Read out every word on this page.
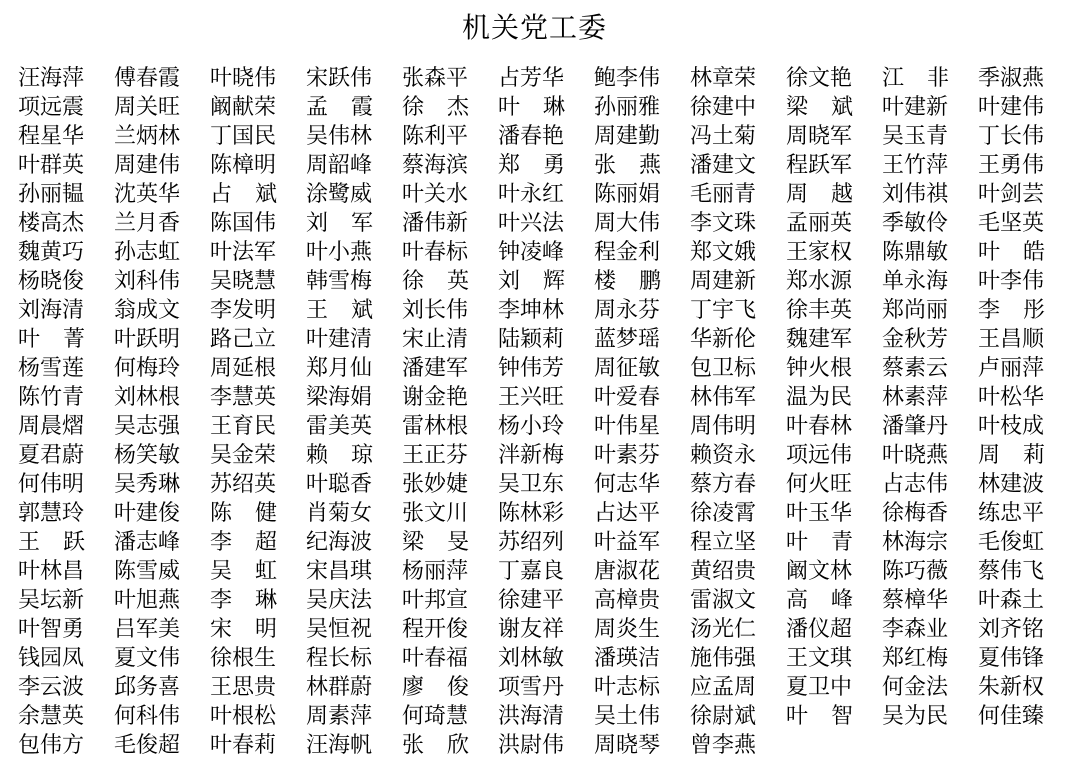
机关党工委
汪海萍 傅春霞 叶晓伟 宋跃伟 张森平 占芳华 鲍李伟 林章荣 徐文艳 江非 季淑燕
项远震 周关旺 阚献荣 孟霞 徐杰 叶琳 孙丽雅 徐建中 梁斌 叶建新 叶建伟
程星华 兰炳林 丁国民 吴伟林 陈利平 潘春艳 周建勤 冯土菊 周晓军 吴玉青 丁长伟
叶群英 周建伟 陈樟明 周韶峰 蔡海滨 郑勇 张燕 潘建文 程跃军 王竹萍 王勇伟
孙丽韫 沈英华 占斌 涂鹭威 叶关水 叶永红 陈丽娟 毛丽青 周越 刘伟祺 叶剑芸
楼高杰 兰月香 陈国伟 刘军 潘伟新 叶兴法 周大伟 李文珠 孟丽英 季敏伶 毛坚英
魏黄巧 孙志虹 叶法军 叶小燕 叶春标 钟凌峰 程金利 郑文娥 王家权 陈鼎敏 叶皓
杨晓俊 刘科伟 吴晓慧 韩雪梅 徐英 刘辉 楼鹏 周建新 郑水源 单永海 叶李伟
刘海清 翁成文 李发明 王斌 刘长伟 李坤林 周永芬 丁宇飞 徐丰英 郑尚丽 李彤
叶菁 叶跃明 路己立 叶建清 宋止清 陆颖莉 蓝梦瑶 华新伦 魏建军 金秋芳 王昌顺
杨雪莲 何梅玲 周延根 郑月仙 潘建军 钟伟芳 周征敏 包卫标 钟火根 蔡素云 卢丽萍
陈竹青 刘林根 李慧英 梁海娟 谢金艳 王兴旺 叶爱春 林伟军 温为民 林素萍 叶松华
周晨熠 吴志强 王育民 雷美英 雷林根 杨小玲 叶伟星 周伟明 叶春林 潘肇丹 叶枝成
夏君蔚 杨笑敏 吴金荣 赖琼 王正芬 泮新梅 叶素芬 赖资永 项远伟 叶晓燕 周莉
何伟明 吴秀琳 苏绍英 叶聪香 张妙婕 吴卫东 何志华 蔡方春 何火旺 占志伟 林建波
郭慧玲 叶建俊 陈健 肖菊女 张文川 陈林彩 占达平 徐凌霄 叶玉华 徐梅香 练忠平
王跃 潘志峰 李超 纪海波 梁旻 苏绍列 叶益军 程立坚 叶青 林海宗 毛俊虹
叶林昌 陈雪威 吴虹 宋昌琪 杨丽萍 丁嘉良 唐淑花 黄绍贵 阚文林 陈巧薇 蔡伟飞
吴坛新 叶旭燕 李琳 吴庆法 叶邦宣 徐建平 高樟贵 雷淑文 高峰 蔡樟华 叶森土
叶智勇 吕军美 宋明 吴恒祝 程开俊 谢友祥 周炎生 汤光仁 潘仪超 李森业 刘齐铭
钱园凤 夏文伟 徐根生 程长标 叶春福 刘林敏 潘瑛洁 施伟强 王文琪 郑红梅 夏伟锋
李云波 邱务喜 王思贵 林群蔚 廖俊 项雪丹 叶志标 应孟周 夏卫中 何金法 朱新权
余慧英 何科伟 叶根松 周素萍 何琦慧 洪海清 吴土伟 徐尉斌 叶智 吴为民 何佳臻
包伟方 毛俊超 叶春莉 汪海帆 张欣 洪尉伟 周晓琴 曾李燕
